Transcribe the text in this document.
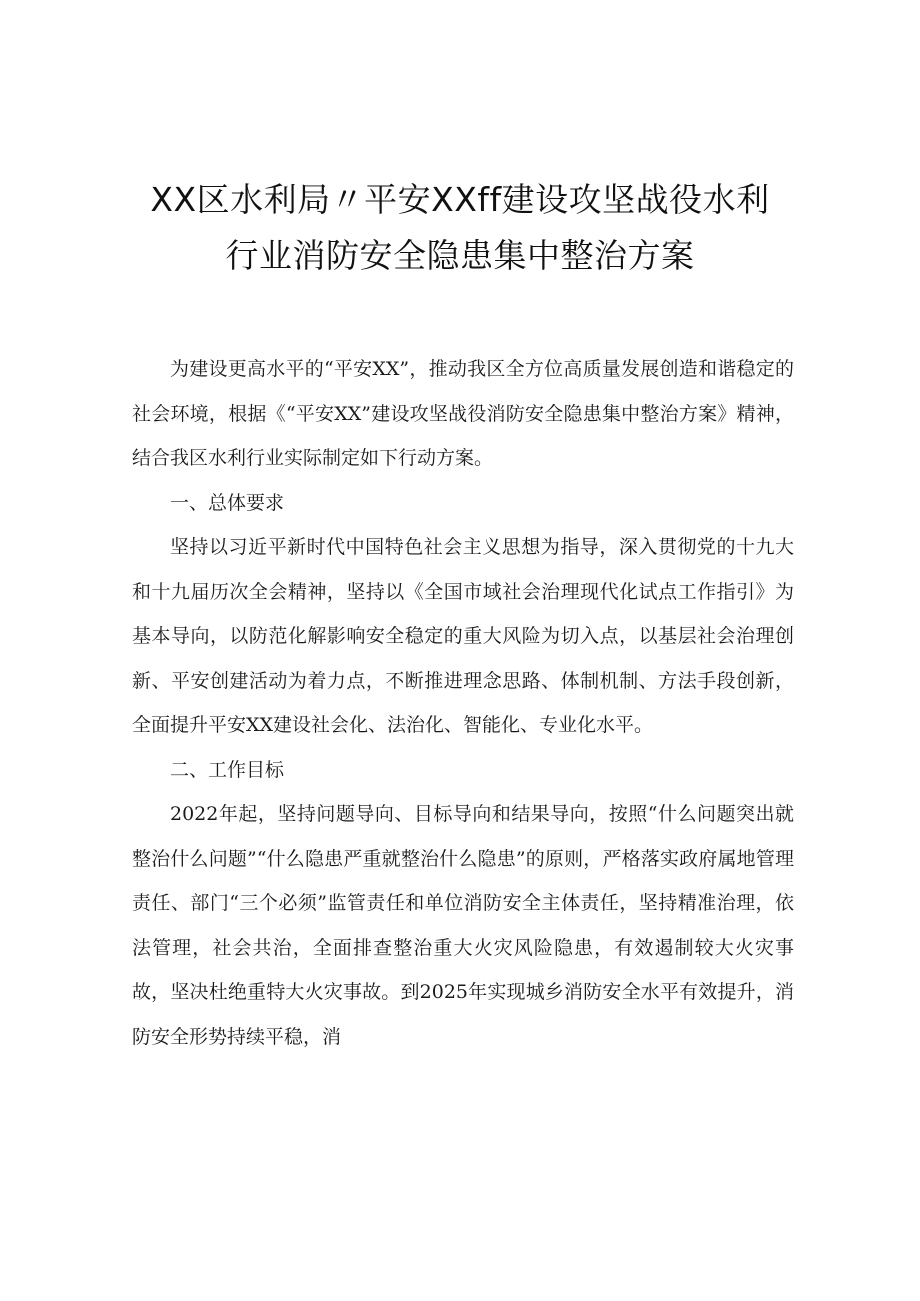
XX区水利局〃平安XXff建设攻坚战役水利
行业消防安全隐患集中整治方案

为建设更高水平的“平安XX”，推动我区全方位高质量发展创造和谐稳定的社会环境，根据《“平安XX”建设攻坚战役消防安全隐患集中整治方案》精神，结合我区水利行业实际制定如下行动方案。

一、总体要求

坚持以习近平新时代中国特色社会主义思想为指导，深入贯彻党的十九大和十九届历次全会精神，坚持以《全国市域社会治理现代化试点工作指引》为基本导向，以防范化解影响安全稳定的重大风险为切入点，以基层社会治理创新、平安创建活动为着力点，不断推进理念思路、体制机制、方法手段创新，全面提升平安XX建设社会化、法治化、智能化、专业化水平。

二、工作目标

2022年起，坚持问题导向、目标导向和结果导向，按照“什么问题突出就整治什么问题”“什么隐患严重就整治什么隐患”的原则，严格落实政府属地管理责任、部门“三个必须”监管责任和单位消防安全主体责任，坚持精准治理，依法管理，社会共治，全面排查整治重大火灾风险隐患，有效遏制较大火灾事故，坚决杜绝重特大火灾事故。到2025年实现城乡消防安全水平有效提升，消防安全形势持续平稳，消
